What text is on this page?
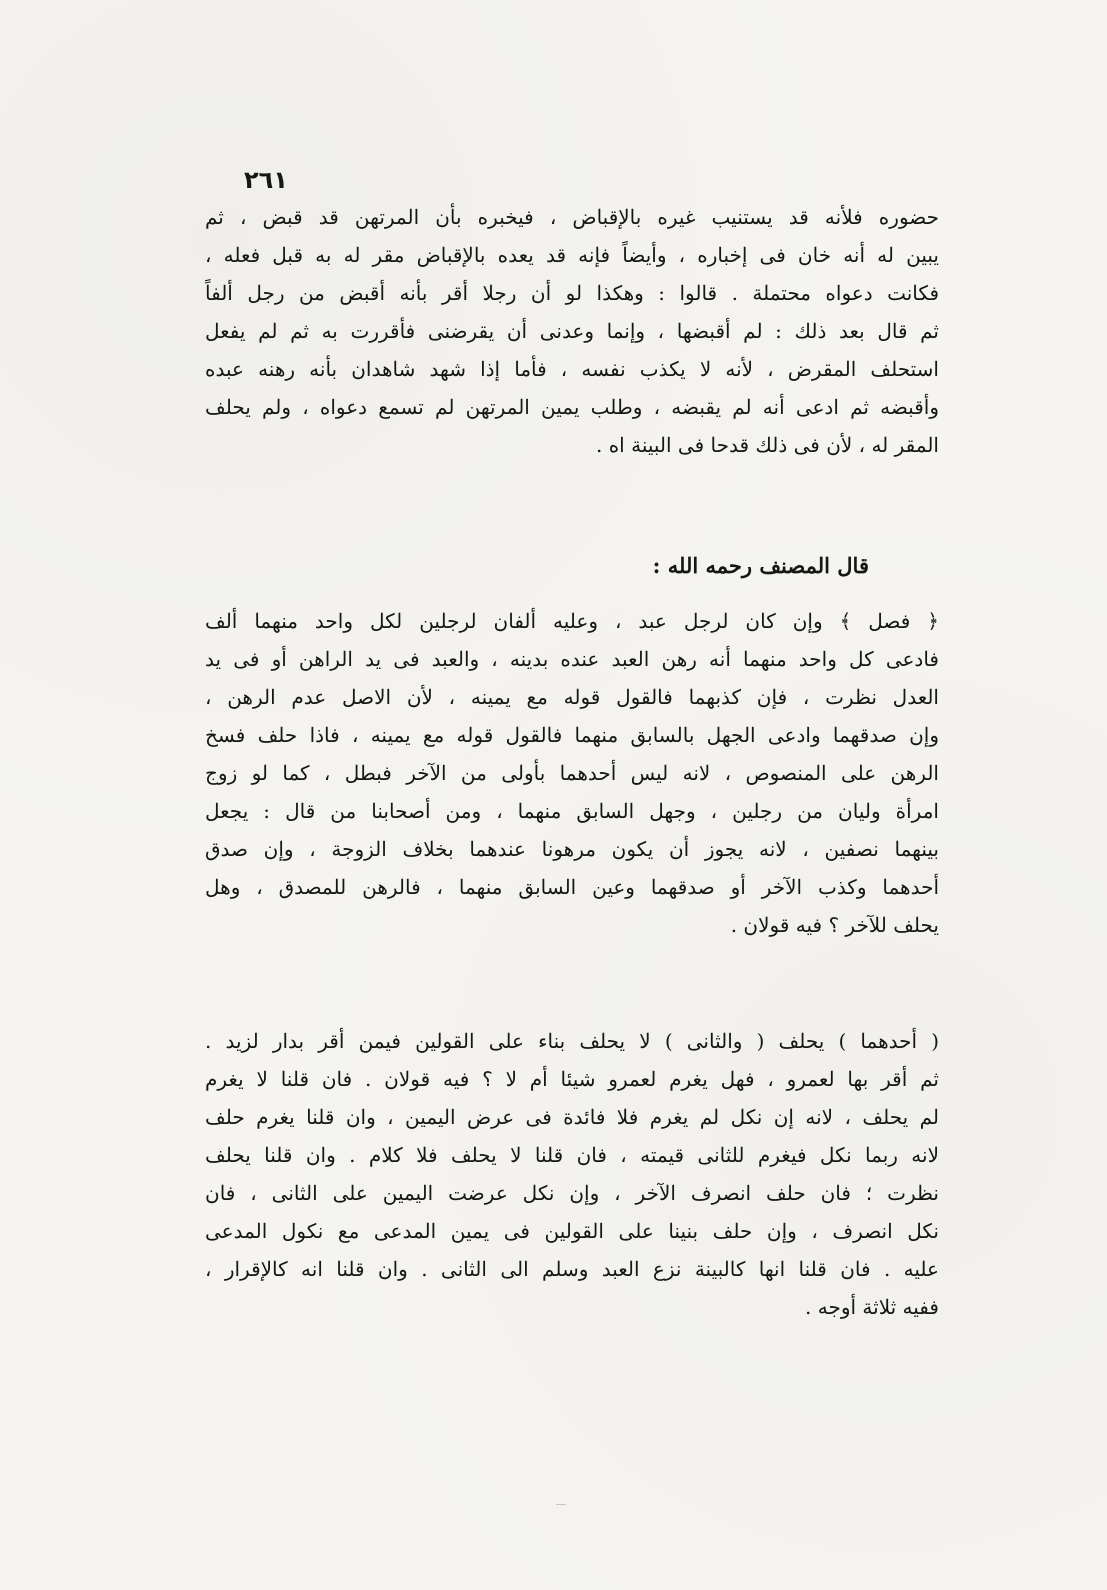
٢٦١
حضوره فلأنه قد يستنيب غيره بالإقباض ، فيخبره بأن المرتهن قد قبض ، ثم
يبين له أنه خان فى إخباره ، وأيضاً فإنه قد يعده بالإقباض مقر له به قبل فعله ،
فكانت دعواه محتملة . قالوا : وهكذا لو أن رجلا أقر بأنه أقبض من رجل ألفاً
ثم قال بعد ذلك : لم أقبضها ، وإنما وعدنى أن يقرضنى فأقررت به ثم لم يفعل
استحلف المقرض ، لأنه لا يكذب نفسه ، فأما إذا شهد شاهدان بأنه رهنه عبده
وأقبضه ثم ادعى أنه لم يقبضه ، وطلب يمين المرتهن لم تسمع دعواه ، ولم يحلف
المقر له ، لأن فى ذلك قدحا فى البينة اه .
قال المصنف رحمه الله :
﴿ فصل ﴾ وإن كان لرجل عبد ، وعليه ألفان لرجلين لكل واحد منهما ألف
فادعى كل واحد منهما أنه رهن العبد عنده بدينه ، والعبد فى يد الراهن أو فى يد
العدل نظرت ، فإن كذبهما فالقول قوله مع يمينه ، لأن الاصل عدم الرهن ،
وإن صدقهما وادعى الجهل بالسابق منهما فالقول قوله مع يمينه ، فاذا حلف فسخ
الرهن على المنصوص ، لانه ليس أحدهما بأولى من الآخر فبطل ، كما لو زوج
امرأة وليان من رجلين ، وجهل السابق منهما ، ومن أصحابنا من قال : يجعل
بينهما نصفين ، لانه يجوز أن يكون مرهونا عندهما بخلاف الزوجة ، وإن صدق
أحدهما وكذب الآخر أو صدقهما وعين السابق منهما ، فالرهن للمصدق ، وهل
يحلف للآخر ؟ فيه قولان .
( أحدهما ) يحلف ( والثانى ) لا يحلف بناء على القولين فيمن أقر بدار لزيد .
ثم أقر بها لعمرو ، فهل يغرم لعمرو شيئا أم لا ؟ فيه قولان . فان قلنا لا يغرم
لم يحلف ، لانه إن نكل لم يغرم فلا فائدة فى عرض اليمين ، وان قلنا يغرم حلف
لانه ربما نكل فيغرم للثانى قيمته ، فان قلنا لا يحلف فلا كلام . وان قلنا يحلف
نظرت ؛ فان حلف انصرف الآخر ، وإن نكل عرضت اليمين على الثانى ، فان
نكل انصرف ، وإن حلف بنينا على القولين فى يمين المدعى مع نكول المدعى
عليه . فان قلنا انها كالبينة نزع العبد وسلم الى الثانى . وان قلنا انه كالإقرار ،
ففيه ثلاثة أوجه .
